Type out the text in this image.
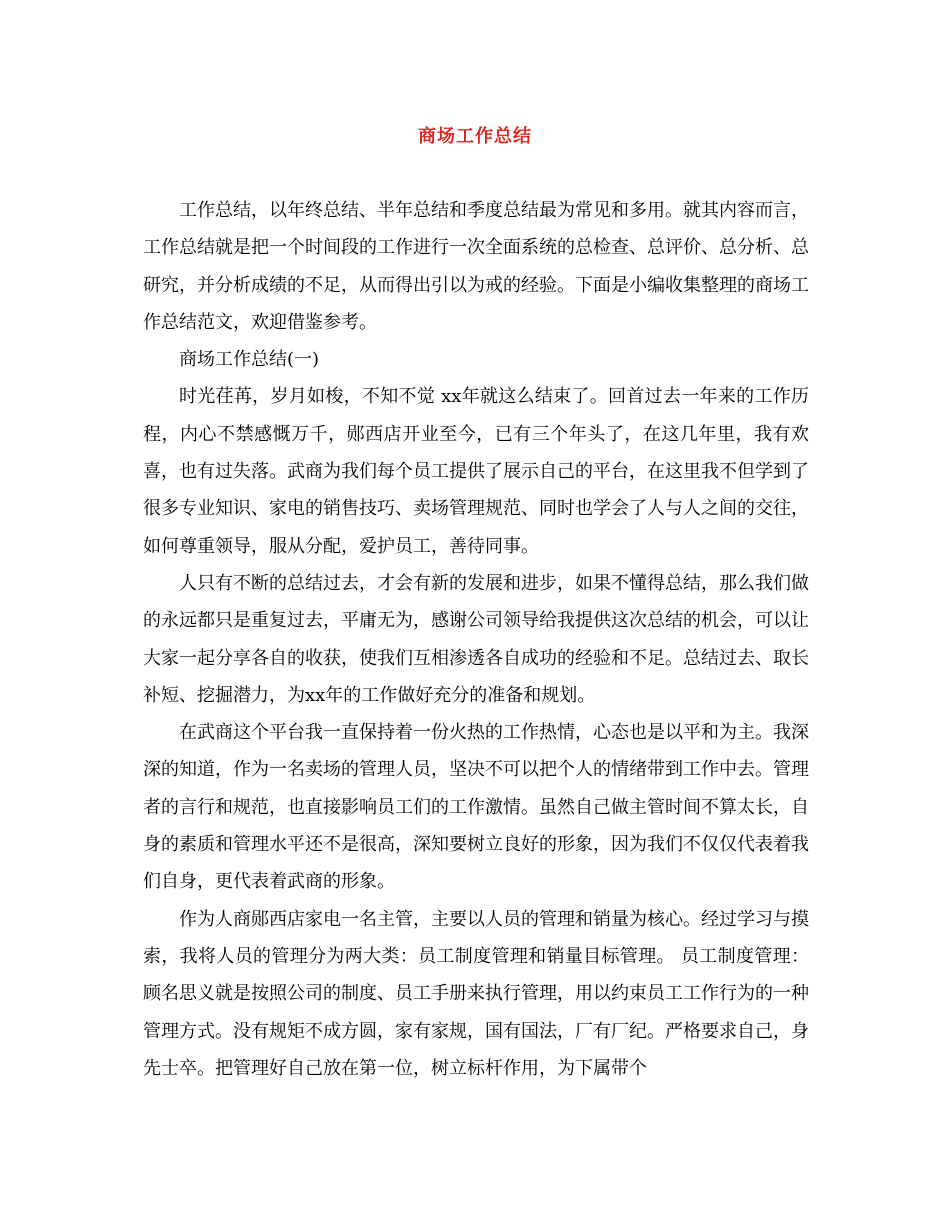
商场工作总结

工作总结，以年终总结、半年总结和季度总结最为常见和多用。就其内容而言，工作总结就是把一个时间段的工作进行一次全面系统的总检查、总评价、总分析、总研究，并分析成绩的不足，从而得出引以为戒的经验。下面是小编收集整理的商场工作总结范文，欢迎借鉴参考。

商场工作总结(一)

时光荏苒，岁月如梭，不知不觉 xx年就这么结束了。回首过去一年来的工作历程，内心不禁感慨万千，郧西店开业至今，已有三个年头了，在这几年里，我有欢喜，也有过失落。武商为我们每个员工提供了展示自己的平台，在这里我不但学到了很多专业知识、家电的销售技巧、卖场管理规范、同时也学会了人与人之间的交往，如何尊重领导，服从分配，爱护员工，善待同事。

人只有不断的总结过去，才会有新的发展和进步，如果不懂得总结，那么我们做的永远都只是重复过去，平庸无为，感谢公司领导给我提供这次总结的机会，可以让大家一起分享各自的收获，使我们互相渗透各自成功的经验和不足。总结过去、取长补短、挖掘潜力，为xx年的工作做好充分的准备和规划。

在武商这个平台我一直保持着一份火热的工作热情，心态也是以平和为主。我深深的知道，作为一名卖场的管理人员，坚决不可以把个人的情绪带到工作中去。管理者的言行和规范，也直接影响员工们的工作激情。虽然自己做主管时间不算太长，自身的素质和管理水平还不是很高，深知要树立良好的形象，因为我们不仅仅代表着我们自身，更代表着武商的形象。

作为人商郧西店家电一名主管，主要以人员的管理和销量为核心。经过学习与摸索，我将人员的管理分为两大类：员工制度管理和销量目标管理。 员工制度管理：顾名思义就是按照公司的制度、员工手册来执行管理，用以约束员工工作行为的一种管理方式。没有规矩不成方圆，家有家规，国有国法，厂有厂纪。严格要求自己，身先士卒。把管理好自己放在第一位，树立标杆作用，为下属带个
